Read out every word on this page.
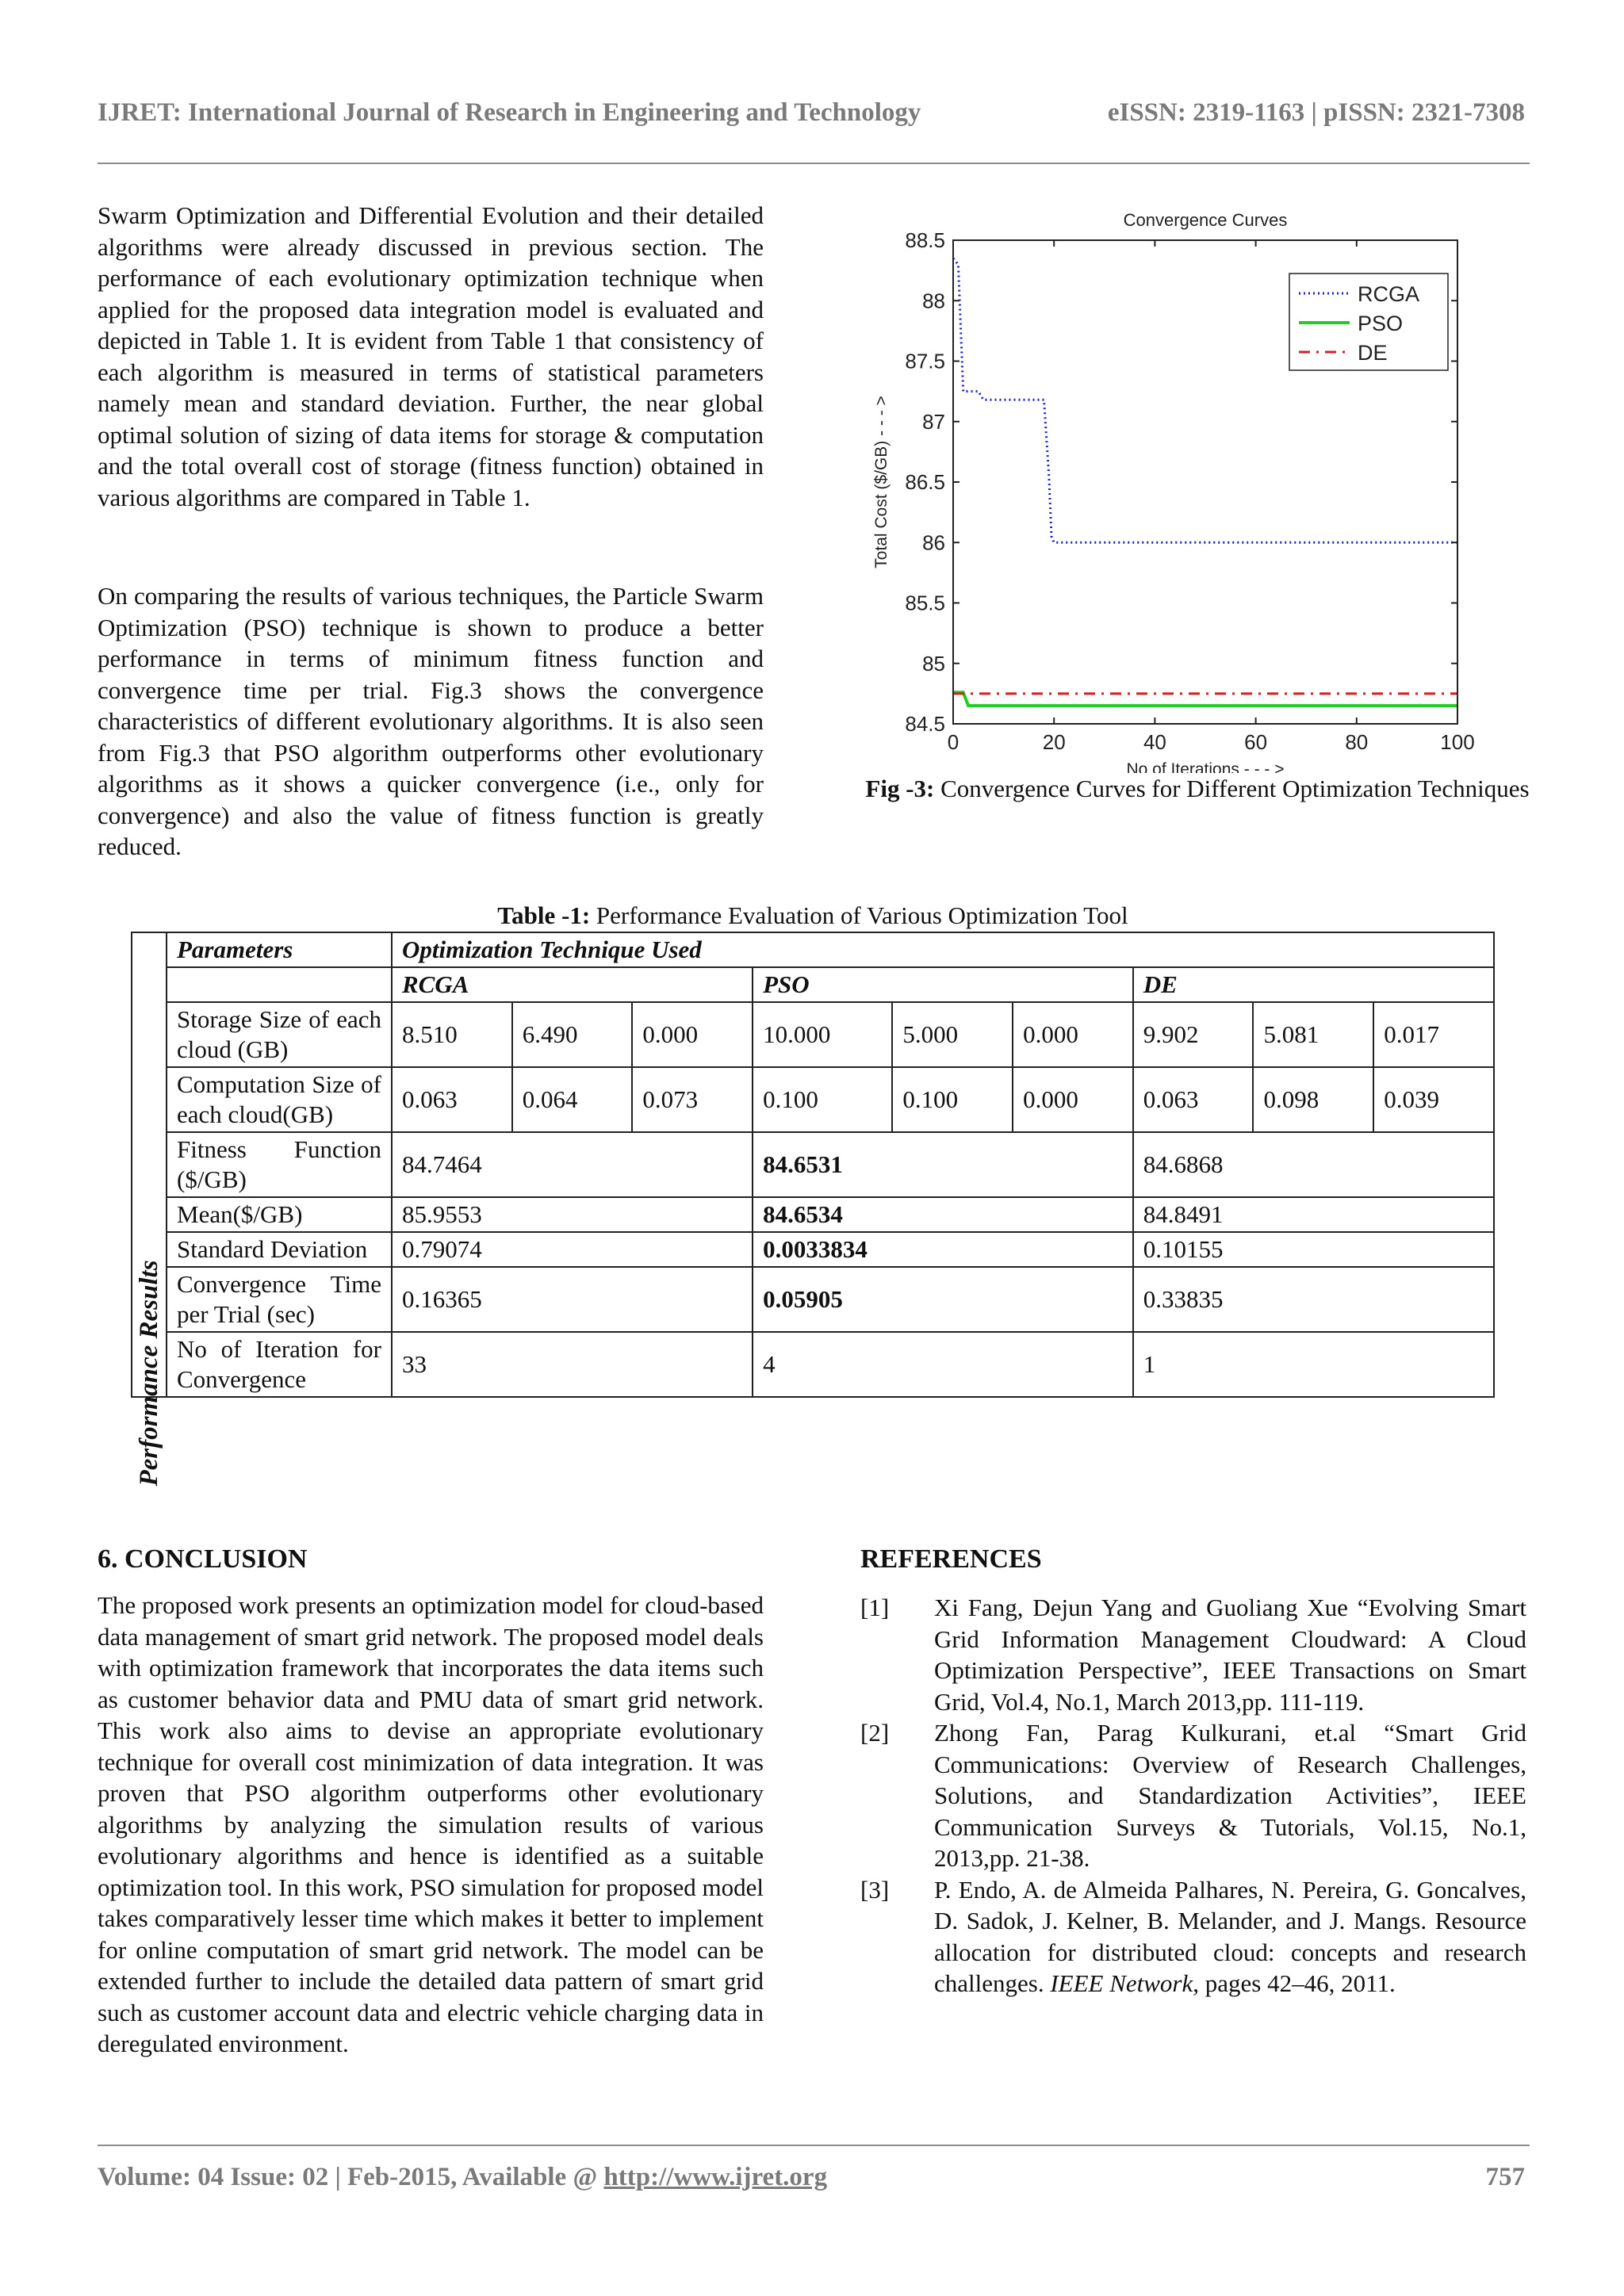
IJRET: International Journal of Research in Engineering and Technology	eISSN: 2319-1163 | pISSN: 2321-7308

Swarm Optimization and Differential Evolution and their detailed algorithms were already discussed in previous section. The performance of each evolutionary optimization technique when applied for the proposed data integration model is evaluated and depicted in Table 1. It is evident from Table 1 that consistency of each algorithm is measured in terms of statistical parameters namely mean and standard deviation. Further, the near global optimal solution of sizing of data items for storage & computation and the total overall cost of storage (fitness function) obtained in various algorithms are compared in Table 1.

On comparing the results of various techniques, the Particle Swarm Optimization (PSO) technique is shown to produce a better performance in terms of minimum fitness function and convergence time per trial. Fig.3 shows the convergence characteristics of different evolutionary algorithms. It is also seen from Fig.3 that PSO algorithm outperforms other evolutionary algorithms as it shows a quicker convergence (i.e., only for convergence) and also the value of fitness function is greatly reduced.

Convergence Curves
0	20	40	60	80	100
84.5
85
85.5
86
86.5
87
87.5
88
88.5
No of Iterations - - - >
Total Cost ($/GB) - - - >
RCGA
PSO
DE
Fig -3: Convergence Curves for Different Optimization Techniques
Table -1: Performance Evaluation of Various Optimization Tool
Performance Results	Parameters	Optimization Technique Used								
		RCGA			PSO			DE		
	Storage Size of each cloud (GB)	8.510	6.490	0.000	10.000	5.000	0.000	9.902	5.081	0.017
	Computation Size of each cloud(GB)	0.063	0.064	0.073	0.100	0.100	0.000	0.063	0.098	0.039
	Fitness Function ($/GB)	84.7464			84.6531			84.6868		
	Mean($/GB)	85.9553			84.6534			84.8491		
	Standard Deviation	0.79074			0.0033834			0.10155		
	Convergence Time per Trial (sec)	0.16365			0.05905			0.33835		
	No of Iteration for Convergence	33			4			1		
6. CONCLUSION

The proposed work presents an optimization model for cloud-based data management of smart grid network. The proposed model deals with optimization framework that incorporates the data items such as customer behavior data and PMU data of smart grid network. This work also aims to devise an appropriate evolutionary technique for overall cost minimization of data integration. It was proven that PSO algorithm outperforms other evolutionary algorithms by analyzing the simulation results of various evolutionary algorithms and hence is identified as a suitable optimization tool. In this work, PSO simulation for proposed model takes comparatively lesser time which makes it better to implement for online computation of smart grid network. The model can be extended further to include the detailed data pattern of smart grid such as customer account data and electric vehicle charging data in deregulated environment.

REFERENCES
[1]	Xi Fang, Dejun Yang and Guoliang Xue “Evolving Smart Grid Information Management Cloudward: A Cloud Optimization Perspective”, IEEE Transactions on Smart Grid, Vol.4, No.1, March 2013,pp. 111-119.
[2]	Zhong Fan, Parag Kulkurani, et.al “Smart Grid Communications: Overview of Research Challenges, Solutions, and Standardization Activities”, IEEE Communication Surveys & Tutorials, Vol.15, No.1, 2013,pp. 21-38.
[3]	P. Endo, A. de Almeida Palhares, N. Pereira, G. Goncalves, D. Sadok, J. Kelner, B. Melander, and J. Mangs. Resource allocation for distributed cloud: concepts and research challenges. IEEE Network, pages 42–46, 2011.
Volume: 04 Issue: 02 | Feb-2015, Available @ http://www.ijret.org	757
